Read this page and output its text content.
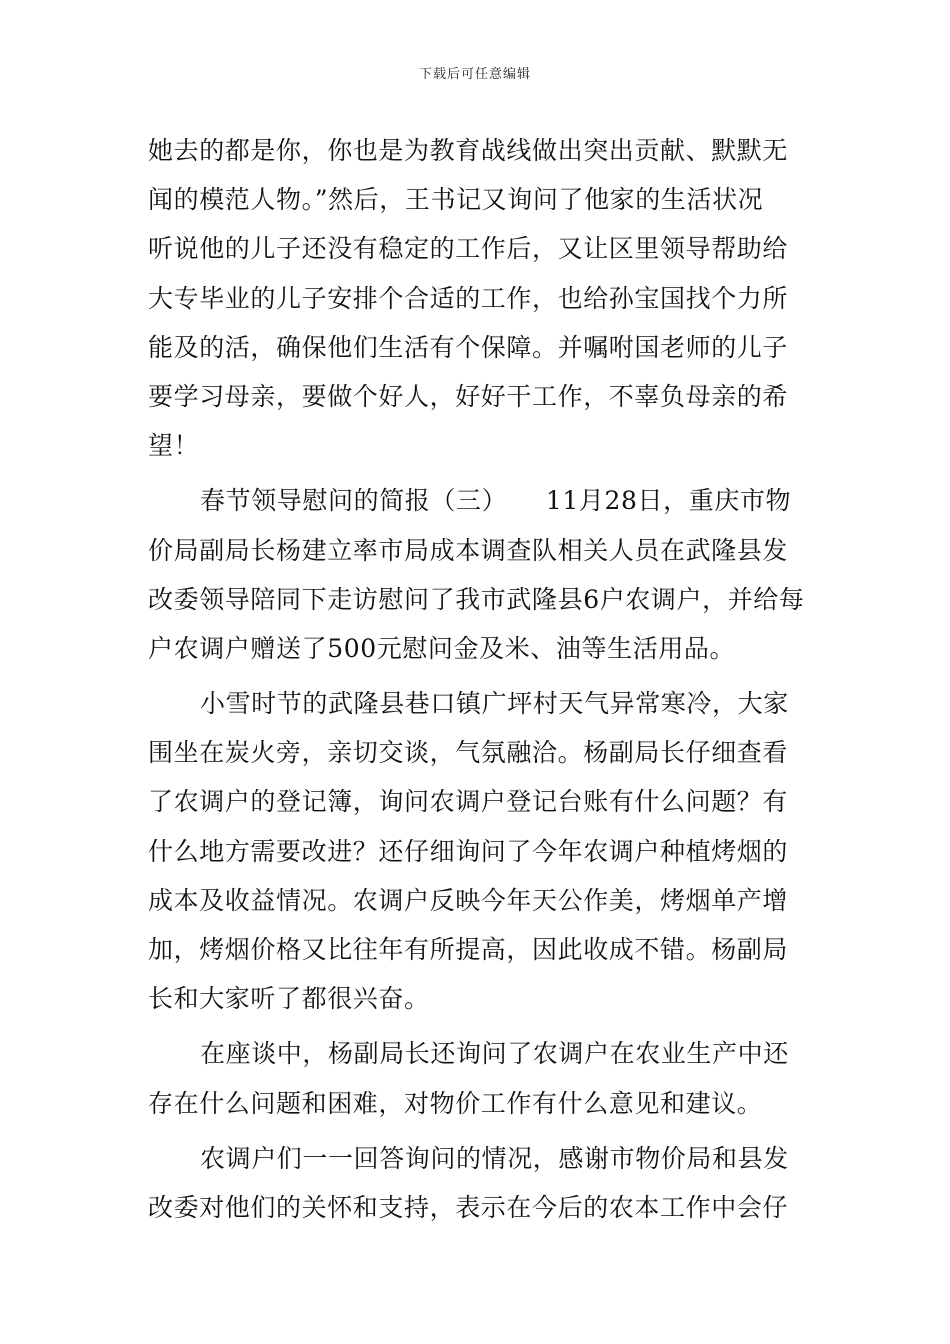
下载后可任意编辑
她去的都是你，你也是为教育战线做出突出贡献、默默无
闻的模范人物。”然后，王书记又询问了他家的生活状况
听说他的儿子还没有稳定的工作后，又让区里领导帮助给
大专毕业的儿子安排个合适的工作，也给孙宝国找个力所
能及的活，确保他们生活有个保障。并嘱咐国老师的儿子
要学习母亲，要做个好人，好好干工作，不辜负母亲的希
望！
春节领导慰问的简报（三）　　11月28日，重庆市物
价局副局长杨建立率市局成本调查队相关人员在武隆县发
改委领导陪同下走访慰问了我市武隆县6户农调户，并给每
户农调户赠送了500元慰问金及米、油等生活用品。
小雪时节的武隆县巷口镇广坪村天气异常寒冷，大家
围坐在炭火旁，亲切交谈，气氛融洽。杨副局长仔细查看
了农调户的登记簿，询问农调户登记台账有什么问题？有
什么地方需要改进？还仔细询问了今年农调户种植烤烟的
成本及收益情况。农调户反映今年天公作美，烤烟单产增
加，烤烟价格又比往年有所提高，因此收成不错。杨副局
长和大家听了都很兴奋。
在座谈中，杨副局长还询问了农调户在农业生产中还
存在什么问题和困难，对物价工作有什么意见和建议。
农调户们一一回答询问的情况，感谢市物价局和县发
改委对他们的关怀和支持，表示在今后的农本工作中会仔
